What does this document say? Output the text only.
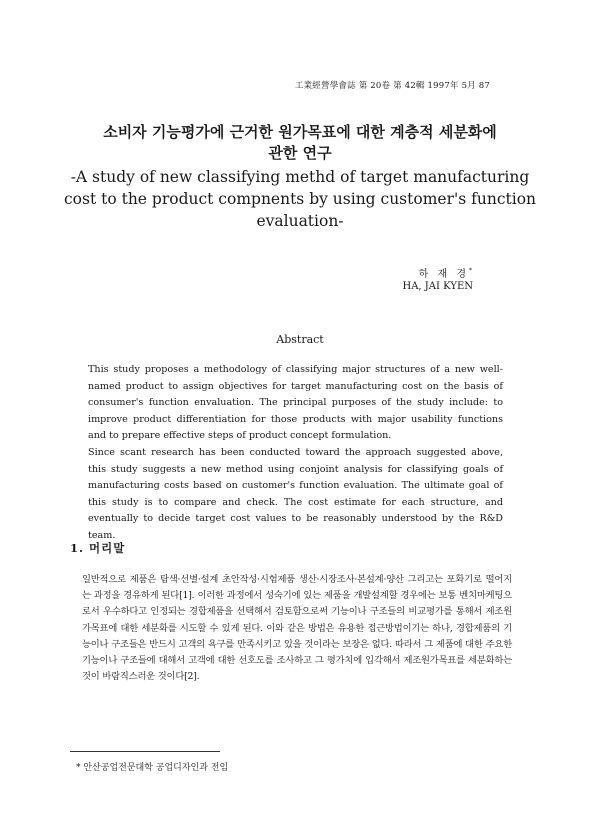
工業經營學會誌 第 20卷 第 42輯 1997年 5月 87
소비자 기능평가에 근거한 원가목표에 대한 계층적 세분화에
관한 연구
-A study of new classifying methd of target manufacturing
cost to the product compnents by using customer's function
evaluation-
하 재 경*
HA, JAI KYEN
Abstract

This study proposes a methodology of classifying major structures of a new well-named product to assign objectives for target manufacturing cost on the basis of consumer's function envaluation. The principal purposes of the study include: to improve product differentiation for those products with major usability functions and to prepare effective steps of product concept formulation.

Since scant research has been conducted toward the approach suggested above, this study suggests a new method using conjoint analysis for classifying goals of manufacturing costs based on customer's function evaluation. The ultimate goal of this study is to compare and check. The cost estimate for each structure, and eventually to decide target cost values to be reasonably understood by the R&D team.

1. 머리말

일반적으로 제품은 탐색·선별·설계 초안작성·시험제품 생산·시장조사·본설계·양산 그리고는 포화기로 떨어지는 과정을 경유하게 된다[1]. 이러한 과정에서 성숙기에 있는 제품을 개발설계할 경우에는 보통 벤치마케팅으로서 우수하다고 인정되는 경합제품을 선택해서 검토함으로써 기능이나 구조들의 비교평가를 통해서 제조원가목표에 대한 세분화를 시도할 수 있게 된다. 이와 같은 방법은 유용한 접근방법이기는 하나, 경합제품의 기능이나 구조들은 반드시 고객의 욕구를 만족시키고 있을 것이라는 보장은 없다. 따라서 그 제품에 대한 주요한 기능이나 구조들에 대해서 고객에 대한 선호도를 조사하고 그 평가치에 입각해서 제조원가목표를 세분화하는 것이 바람직스러운 것이다[2].

* 안산공업전문대학 공업디자인과 전임
